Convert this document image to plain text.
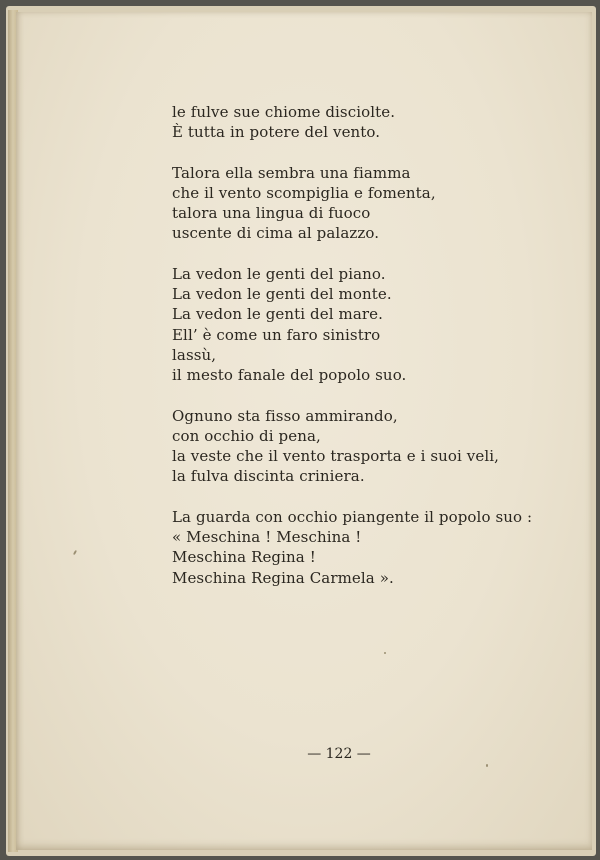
le fulve sue chiome disciolte.
È tutta in potere del vento.

Talora ella sembra una fiamma
che il vento scompiglia e fomenta,
talora una lingua di fuoco
uscente di cima al palazzo.

La vedon le genti del piano.
La vedon le genti del monte.
La vedon le genti del mare.
Ell’ è come un faro sinistro
lassù,
il mesto fanale del popolo suo.

Ognuno sta fisso ammirando,
con occhio di pena,
la veste che il vento trasporta e i suoi veli,
la fulva discinta criniera.

La guarda con occhio piangente il popolo suo :
« Meschina ! Meschina !
Meschina Regina !
Meschina Regina Carmela ».

— 122 —
